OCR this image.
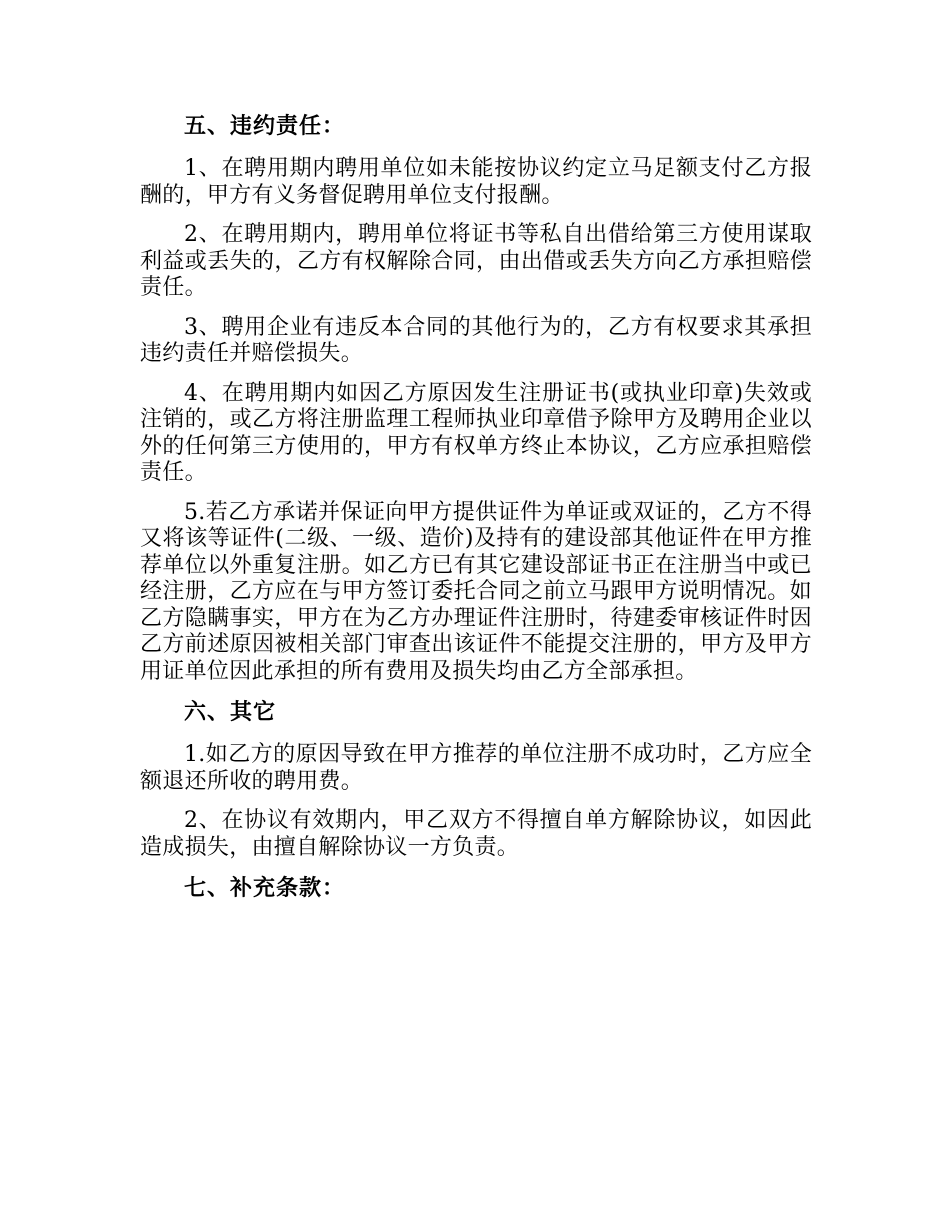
五、违约责任：

1、在聘用期内聘用单位如未能按协议约定立马足额支付乙方报酬的，甲方有义务督促聘用单位支付报酬。

2、在聘用期内，聘用单位将证书等私自出借给第三方使用谋取利益或丢失的，乙方有权解除合同，由出借或丢失方向乙方承担赔偿责任。

3、聘用企业有违反本合同的其他行为的，乙方有权要求其承担违约责任并赔偿损失。

4、在聘用期内如因乙方原因发生注册证书(或执业印章)失效或注销的，或乙方将注册监理工程师执业印章借予除甲方及聘用企业以外的任何第三方使用的，甲方有权单方终止本协议，乙方应承担赔偿责任。

5.若乙方承诺并保证向甲方提供证件为单证或双证的，乙方不得又将该等证件(二级、一级、造价)及持有的建设部其他证件在甲方推荐单位以外重复注册。如乙方已有其它建设部证书正在注册当中或已经注册，乙方应在与甲方签订委托合同之前立马跟甲方说明情况。如乙方隐瞒事实，甲方在为乙方办理证件注册时，待建委审核证件时因乙方前述原因被相关部门审查出该证件不能提交注册的，甲方及甲方用证单位因此承担的所有费用及损失均由乙方全部承担。

六、其它

1.如乙方的原因导致在甲方推荐的单位注册不成功时，乙方应全额退还所收的聘用费。

2、在协议有效期内，甲乙双方不得擅自单方解除协议，如因此造成损失，由擅自解除协议一方负责。

七、补充条款：
